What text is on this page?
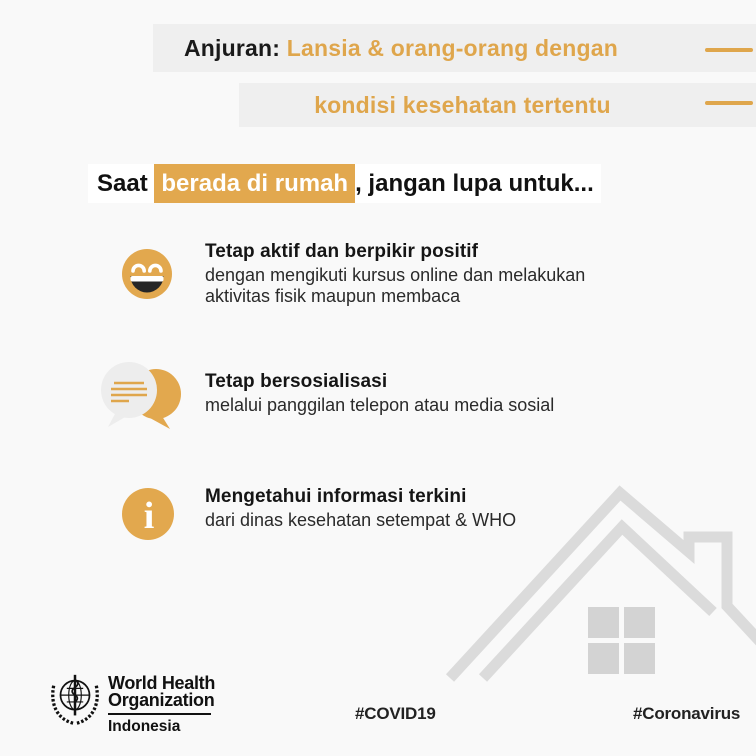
Anjuran: Lansia & orang-orang dengan
kondisi kesehatan tertentu
Saat berada di rumah , jangan lupa untuk...
Tetap aktif dan berpikir positif

dengan mengikuti kursus online dan melakukan
aktivitas fisik maupun membaca

Tetap bersosialisasi

melalui panggilan telepon atau media sosial

i	Mengetahui informasi terkini

dari dinas kesehatan setempat & WHO

World Health
Organization
Indonesia
#COVID19	#Coronavirus
